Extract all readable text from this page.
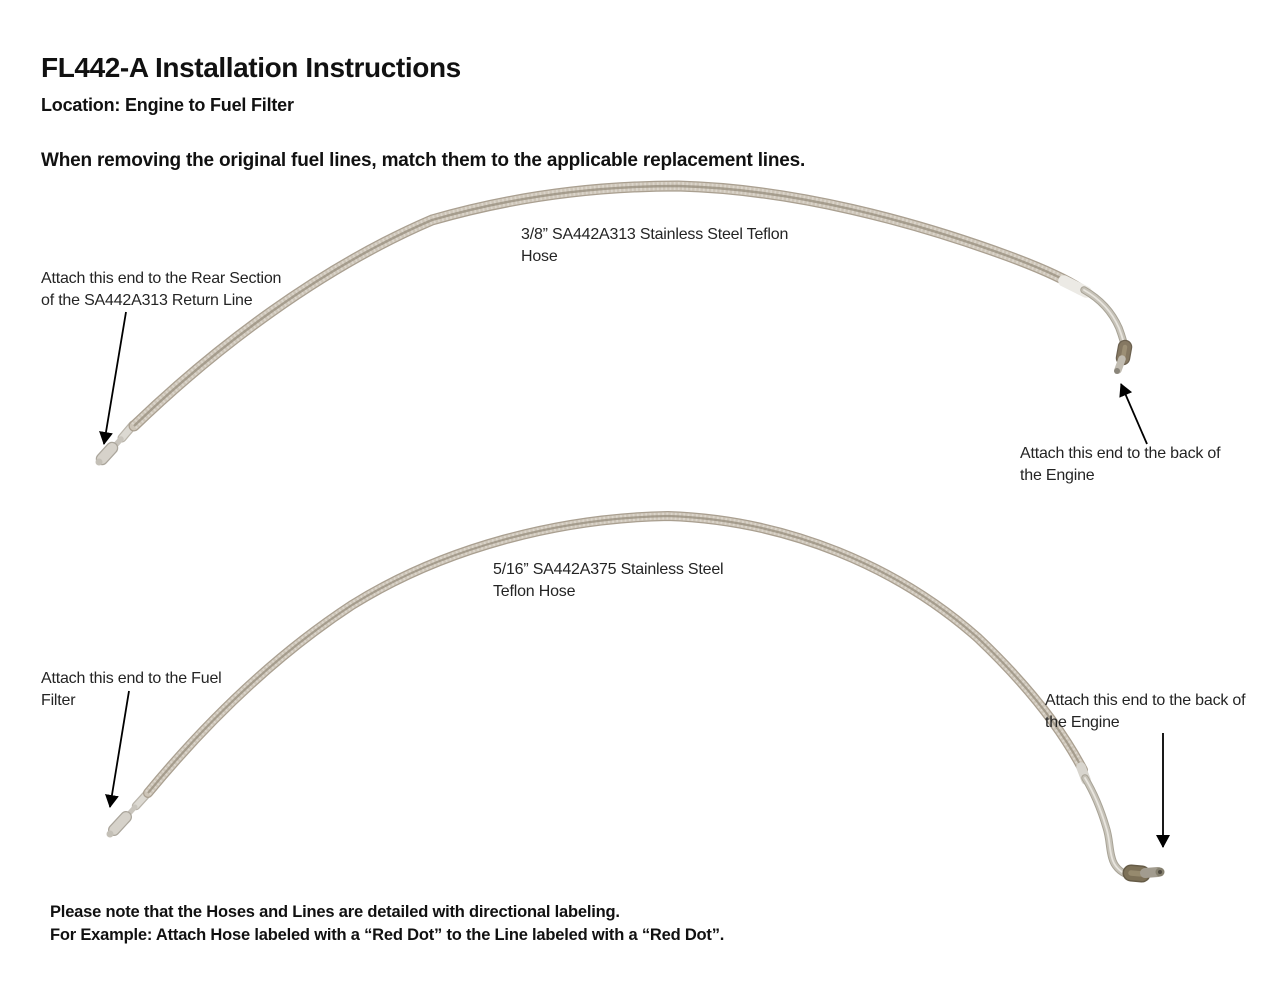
FL442-A Installation Instructions
Location: Engine to Fuel Filter
When removing the original fuel lines, match them to the applicable replacement lines.
3/8” SA442A313 Stainless Steel Teflon
Hose
Attach this end to the Rear Section
of the SA442A313 Return Line
Attach this end to the back of
the Engine
5/16” SA442A375 Stainless Steel
Teflon Hose
Attach this end to the Fuel
Filter	Attach this end to the back of
the Engine
Please note that the Hoses and Lines are detailed with directional labeling.
For Example: Attach Hose labeled with a “Red Dot” to the Line labeled with a “Red Dot”.
